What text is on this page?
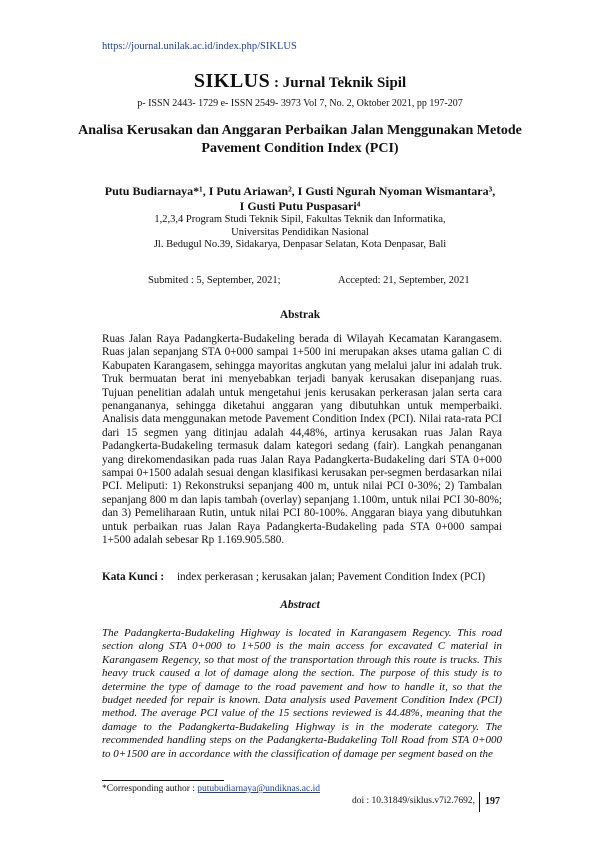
https://journal.unilak.ac.id/index.php/SIKLUS
SIKLUS : Jurnal Teknik Sipil
p- ISSN 2443- 1729 e- ISSN 2549- 3973 Vol 7, No. 2, Oktober 2021, pp 197-207
Analisa Kerusakan dan Anggaran Perbaikan Jalan Menggunakan Metode Pavement Condition Index (PCI)
Putu Budiarnaya*¹, I Putu Ariawan², I Gusti Ngurah Nyoman Wismantara³,
I Gusti Putu Puspasari⁴
1,2,3,4 Program Studi Teknik Sipil, Fakultas Teknik dan Informatika,
Universitas Pendidikan Nasional
Jl. Bedugul No.39, Sidakarya, Denpasar Selatan, Kota Denpasar, Bali
Submited : 5, September, 2021;	Accepted: 21, September, 2021
Abstrak

Ruas Jalan Raya Padangkerta-Budakeling berada di Wilayah Kecamatan Karangasem. Ruas jalan sepanjang STA 0+000 sampai 1+500 ini merupakan akses utama galian C di Kabupaten Karangasem, sehingga mayoritas angkutan yang melalui jalur ini adalah truk. Truk bermuatan berat ini menyebabkan terjadi banyak kerusakan disepanjang ruas. Tujuan penelitian adalah untuk mengetahui jenis kerusakan perkerasan jalan serta cara penangananya, sehingga diketahui anggaran yang dibutuhkan untuk memperbaiki. Analisis data menggunakan metode Pavement Condition Index (PCI). Nilai rata-rata PCI dari 15 segmen yang ditinjau adalah 44,48%, artinya kerusakan ruas Jalan Raya Padangkerta-Budakeling termasuk dalam kategori sedang (fair). Langkah penanganan yang direkomendasikan pada ruas Jalan Raya Padangkerta-Budakeling dari STA 0+000 sampai 0+1500 adalah sesuai dengan klasifikasi kerusakan per-segmen berdasarkan nilai PCI. Meliputi: 1) Rekonstruksi sepanjang 400 m, untuk nilai PCI 0-30%; 2) Tambalan sepanjang 800 m dan lapis tambah (overlay) sepanjang 1.100m, untuk nilai PCI 30-80%; dan 3) Pemeliharaan Rutin, untuk nilai PCI 80-100%. Anggaran biaya yang dibutuhkan untuk perbaikan ruas Jalan Raya Padangkerta-Budakeling pada STA 0+000 sampai 1+500 adalah sebesar Rp 1.169.905.580.

Kata Kunci : index perkerasan ; kerusakan jalan; Pavement Condition Index (PCI)
Abstract

The Padangkerta-Budakeling Highway is located in Karangasem Regency. This road section along STA 0+000 to 1+500 is the main access for excavated C material in Karangasem Regency, so that most of the transportation through this route is trucks. This heavy truck caused a lot of damage along the section. The purpose of this study is to determine the type of damage to the road pavement and how to handle it, so that the budget needed for repair is known. Data analysis used Pavement Condition Index (PCI) method. The average PCI value of the 15 sections reviewed is 44.48%, meaning that the damage to the Padangkerta-Budakeling Highway is in the moderate category. The recommended handling steps on the Padangkerta-Budakeling Toll Road from STA 0+000 to 0+1500 are in accordance with the classification of damage per segment based on the

*Corresponding author : putubudiarnaya@undiknas.ac.id
doi : 10.31849/siklus.v7i2.7692, 197
